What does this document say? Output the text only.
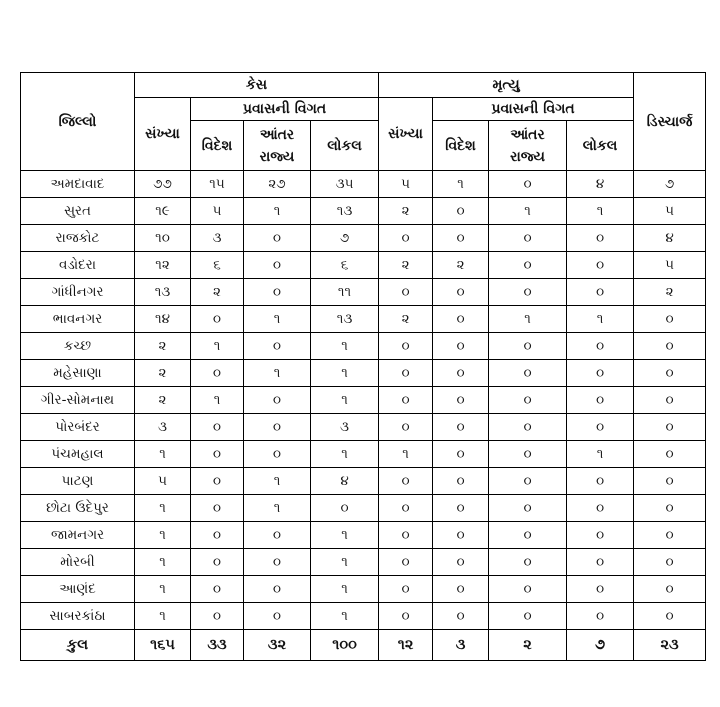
જિલ્લો	કેસ				મૃત્યુ				ડિસ્ચાર્જ
	સંખ્યા	પ્રવાસની વિગત			સંખ્યા	પ્રવાસની વિગત			
		વિદેશ	આંતર રાજ્ય	લોકલ		વિદેશ	આંતર રાજ્ય	લોકલ	
અમદાવાદ	૭૭	૧૫	૨૭	૩૫	૫	૧	૦	૪	૭
સુરત	૧૯	૫	૧	૧૩	૨	૦	૧	૧	૫
રાજકોટ	૧૦	૩	૦	૭	૦	૦	૦	૦	૪
વડોદરા	૧૨	૬	૦	૬	૨	૨	૦	૦	૫
ગાંધીનગર	૧૩	૨	૦	૧૧	૦	૦	૦	૦	૨
ભાવનગર	૧૪	૦	૧	૧૩	૨	૦	૧	૧	૦
કચ્છ	૨	૧	૦	૧	૦	૦	૦	૦	૦
મહેસાણા	૨	૦	૧	૧	૦	૦	૦	૦	૦
ગીર-સોમનાથ	૨	૧	૦	૧	૦	૦	૦	૦	૦
પોરબંદર	૩	૦	૦	૩	૦	૦	૦	૦	૦
પંચમહાલ	૧	૦	૦	૧	૧	૦	૦	૧	૦
પાટણ	૫	૦	૧	૪	૦	૦	૦	૦	૦
છોટા ઉદેપુર	૧	૦	૧	૦	૦	૦	૦	૦	૦
જામનગર	૧	૦	૦	૧	૦	૦	૦	૦	૦
મોરબી	૧	૦	૦	૧	૦	૦	૦	૦	૦
આણંદ	૧	૦	૦	૧	૦	૦	૦	૦	૦
સાબરકાંઠા	૧	૦	૦	૧	૦	૦	૦	૦	૦
કુલ	૧૬૫	૩૩	૩૨	૧૦૦	૧૨	૩	૨	૭	૨૩
